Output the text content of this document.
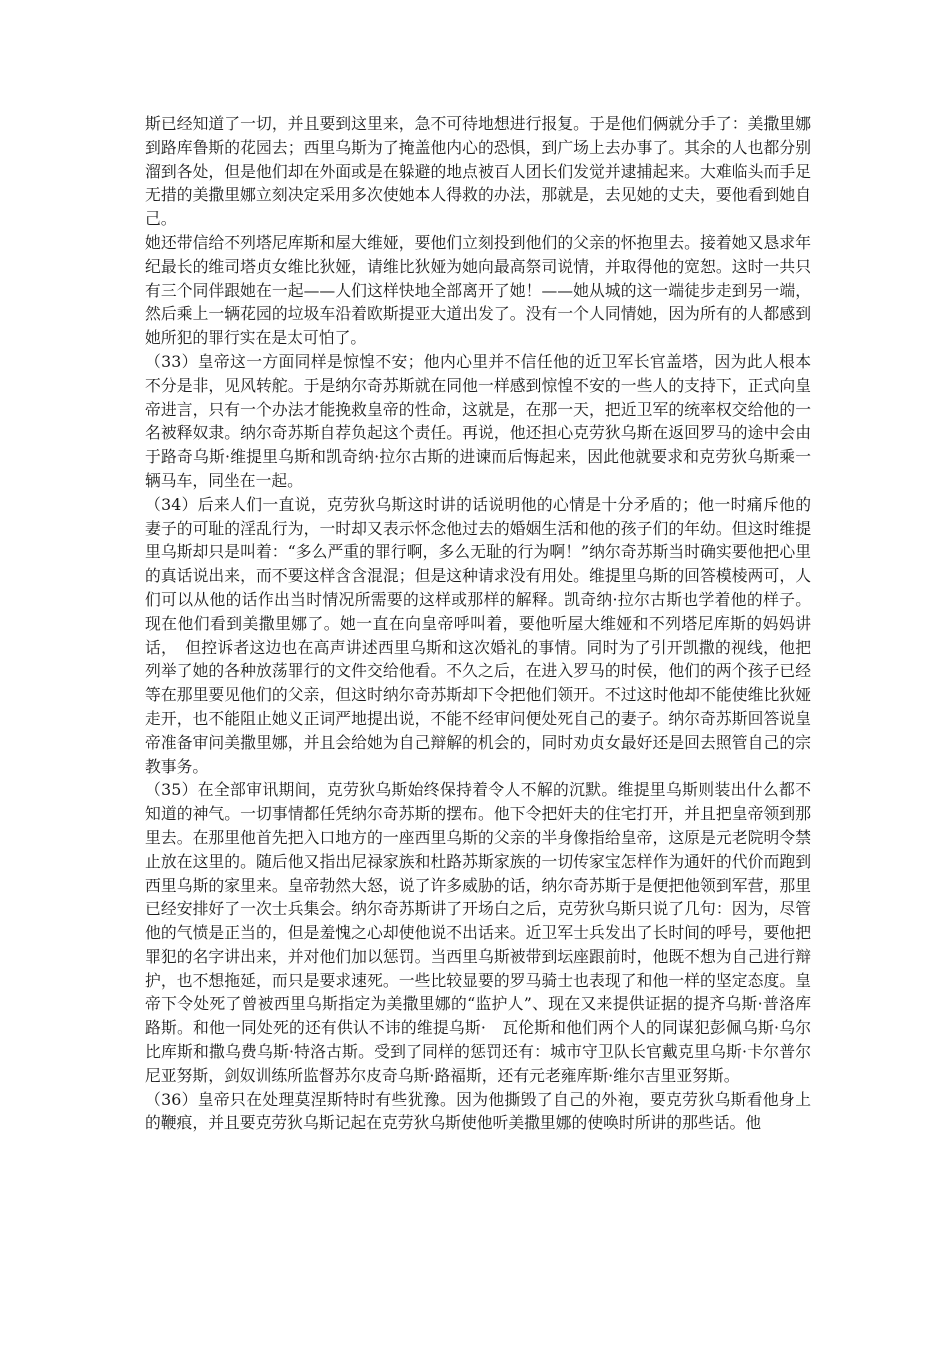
斯已经知道了一切，并且要到这里来，急不可待地想进行报复。于是他们俩就分手了：美撒里娜到路库鲁斯的花园去；西里乌斯为了掩盖他内心的恐惧，到广场上去办事了。其余的人也都分别溜到各处，但是他们却在外面或是在躲避的地点被百人团长们发觉并逮捕起来。大难临头而手足无措的美撒里娜立刻决定采用多次使她本人得救的办法，那就是，去见她的丈夫，要他看到她自己。

她还带信给不列塔尼库斯和屋大维娅，要他们立刻投到他们的父亲的怀抱里去。接着她又恳求年纪最长的维司塔贞女维比狄娅，请维比狄娅为她向最高祭司说情，并取得他的宽恕。这时一共只有三个同伴跟她在一起——人们这样快地全部离开了她！——她从城的这一端徒步走到另一端，然后乘上一辆花园的垃圾车沿着欧斯提亚大道出发了。没有一个人同情她，因为所有的人都感到她所犯的罪行实在是太可怕了。

（33）皇帝这一方面同样是惊惶不安；他内心里并不信任他的近卫军长官盖塔，因为此人根本不分是非，见风转舵。于是纳尔奇苏斯就在同他一样感到惊惶不安的一些人的支持下，正式向皇帝进言，只有一个办法才能挽救皇帝的性命，这就是，在那一天，把近卫军的统率权交给他的一名被释奴隶。纳尔奇苏斯自荐负起这个责任。再说，他还担心克劳狄乌斯在返回罗马的途中会由于路奇乌斯·维提里乌斯和凯奇纳·拉尔古斯的进谏而后悔起来，因此他就要求和克劳狄乌斯乘一辆马车，同坐在一起。

（34）后来人们一直说，克劳狄乌斯这时讲的话说明他的心情是十分矛盾的；他一时痛斥他的妻子的可耻的淫乱行为，一时却又表示怀念他过去的婚姻生活和他的孩子们的年幼。但这时维提里乌斯却只是叫着：“多么严重的罪行啊，多么无耻的行为啊！”纳尔奇苏斯当时确实要他把心里的真话说出来，而不要这样含含混混；但是这种请求没有用处。维提里乌斯的回答模棱两可，人们可以从他的话作出当时情况所需要的这样或那样的解释。凯奇纳·拉尔古斯也学着他的样子。现在他们看到美撒里娜了。她一直在向皇帝呼叫着，要他听屋大维娅和不列塔尼库斯的妈妈讲话，　但控诉者这边也在高声讲述西里乌斯和这次婚礼的事情。同时为了引开凯撒的视线，他把列举了她的各种放荡罪行的文件交给他看。不久之后，在进入罗马的时侯，他们的两个孩子已经等在那里要见他们的父亲，但这时纳尔奇苏斯却下令把他们领开。不过这时他却不能使维比狄娅走开，也不能阻止她义正词严地提出说，不能不经审问便处死自己的妻子。纳尔奇苏斯回答说皇帝准备审问美撒里娜，并且会给她为自己辩解的机会的，同时劝贞女最好还是回去照管自己的宗教事务。

（35）在全部审讯期间，克劳狄乌斯始终保持着令人不解的沉默。维提里乌斯则装出什么都不知道的神气。一切事情都任凭纳尔奇苏斯的摆布。他下令把奸夫的住宅打开，并且把皇帝领到那里去。在那里他首先把入口地方的一座西里乌斯的父亲的半身像指给皇帝，这原是元老院明令禁止放在这里的。随后他又指出尼禄家族和杜路苏斯家族的一切传家宝怎样作为通奸的代价而跑到西里乌斯的家里来。皇帝勃然大怒，说了许多威胁的话，纳尔奇苏斯于是便把他领到军营，那里已经安排好了一次士兵集会。纳尔奇苏斯讲了开场白之后，克劳狄乌斯只说了几句：因为，尽管他的气愤是正当的，但是羞愧之心却使他说不出话来。近卫军士兵发出了长时间的呼号，要他把罪犯的名字讲出来，并对他们加以惩罚。当西里乌斯被带到坛座跟前时，他既不想为自己进行辩护，也不想拖延，而只是要求速死。一些比较显要的罗马骑士也表现了和他一样的坚定态度。皇帝下令处死了曾被西里乌斯指定为美撒里娜的“监护人”、现在又来提供证据的提齐乌斯·普洛库路斯。和他一同处死的还有供认不讳的维提乌斯·　瓦伦斯和他们两个人的同谋犯彭佩乌斯·乌尔比库斯和撒乌费乌斯·特洛古斯。受到了同样的惩罚还有：城市守卫队长官戴克里乌斯·卡尔普尔尼亚努斯，剑奴训练所监督苏尔皮奇乌斯·路福斯，还有元老雍库斯·维尔吉里亚努斯。

（36）皇帝只在处理莫涅斯特时有些犹豫。因为他撕毁了自己的外袍，要克劳狄乌斯看他身上的鞭痕，并且要克劳狄乌斯记起在克劳狄乌斯使他听美撒里娜的使唤时所讲的那些话。他
